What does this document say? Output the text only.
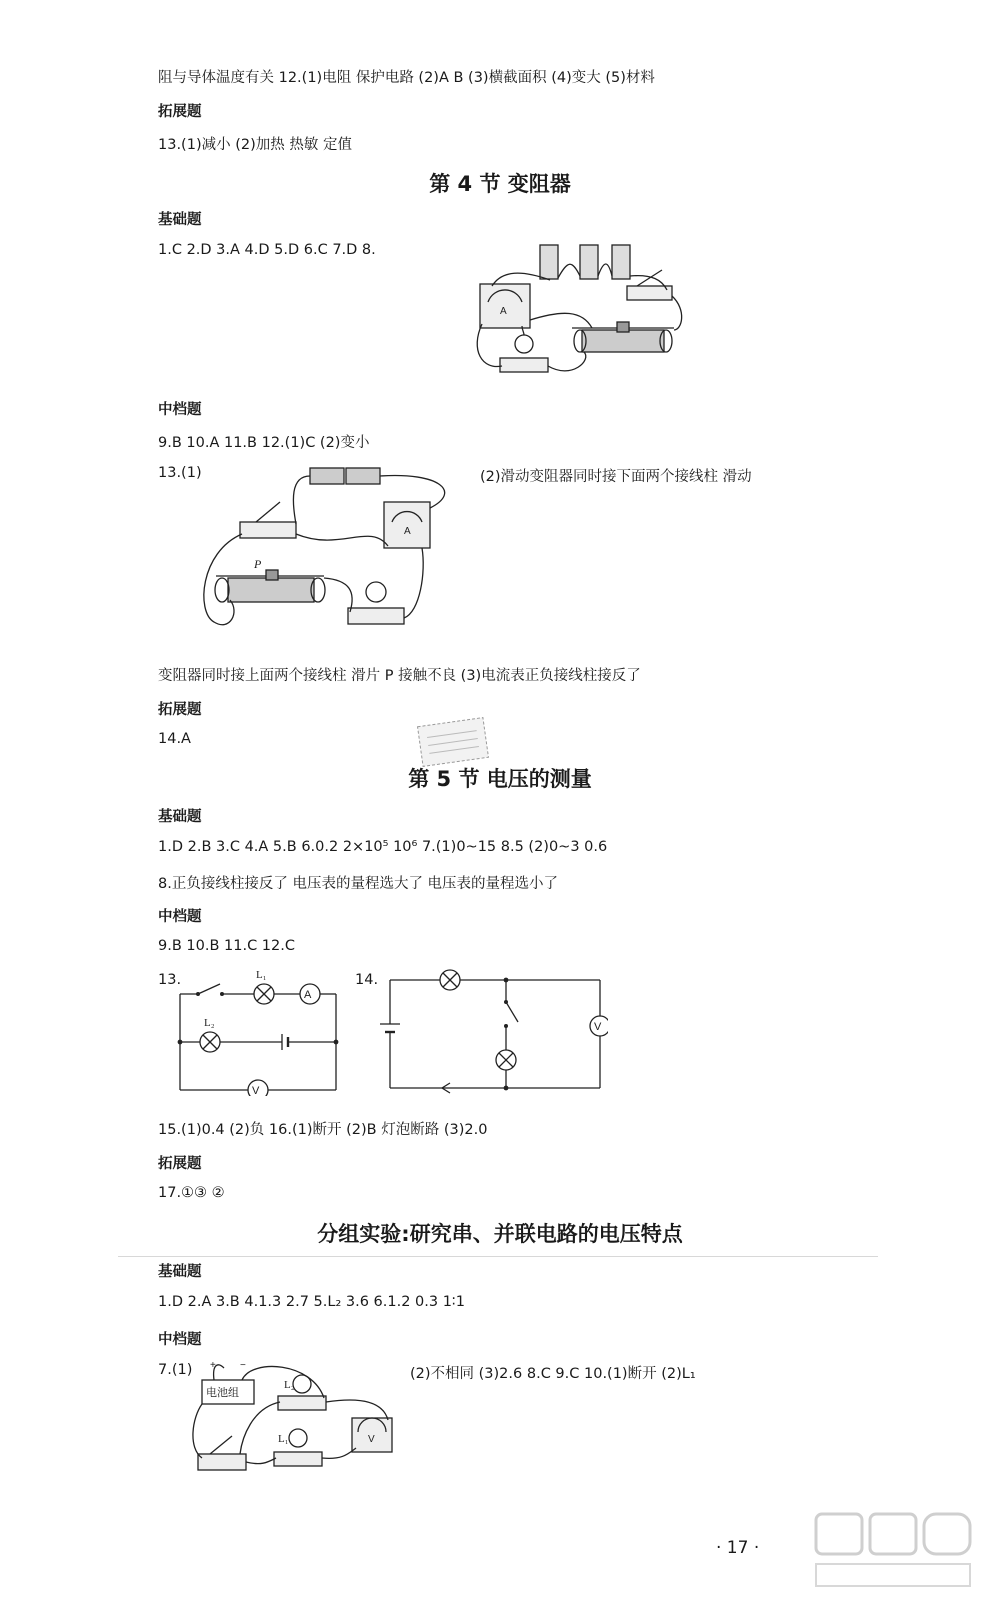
阻与导体温度有关 12.(1)电阻 保护电路 (2)A B (3)横截面积 (4)变大 (5)材料
拓展题
13.(1)减小 (2)加热 热敏 定值
第 4 节 变阻器
基础题
1.C 2.D 3.A 4.D 5.D 6.C 7.D 8.
A
中档题
9.B 10.A 11.B 12.(1)C (2)变小
13.(1)	(2)滑动变阻器同时接下面两个接线柱 滑动
P
A
变阻器同时接上面两个接线柱 滑片 P 接触不良 (3)电流表正负接线柱接反了
拓展题
14.A
第 5 节 电压的测量
基础题
1.D 2.B 3.C 4.A 5.B 6.0.2 2×10⁵ 10⁶ 7.(1)0~15 8.5 (2)0~3 0.6
8.正负接线柱接反了 电压表的量程选大了 电压表的量程选小了
中档题
9.B 10.B 11.C 12.C
13.
A
V
L₁
L₂
14.
V
15.(1)0.4 (2)负 16.(1)断开 (2)B 灯泡断路 (3)2.0
拓展题
17.①③ ②
分组实验:研究串、并联电路的电压特点
基础题
1.D 2.A 3.B 4.1.3 2.7 5.L₂ 3.6 6.1.2 0.3 1∶1
中档题
7.(1)	(2)不相同 (3)2.6 8.C 9.C 10.(1)断开 (2)L₁
电池组
+ −
L₂
L₁	V
· 17 ·
